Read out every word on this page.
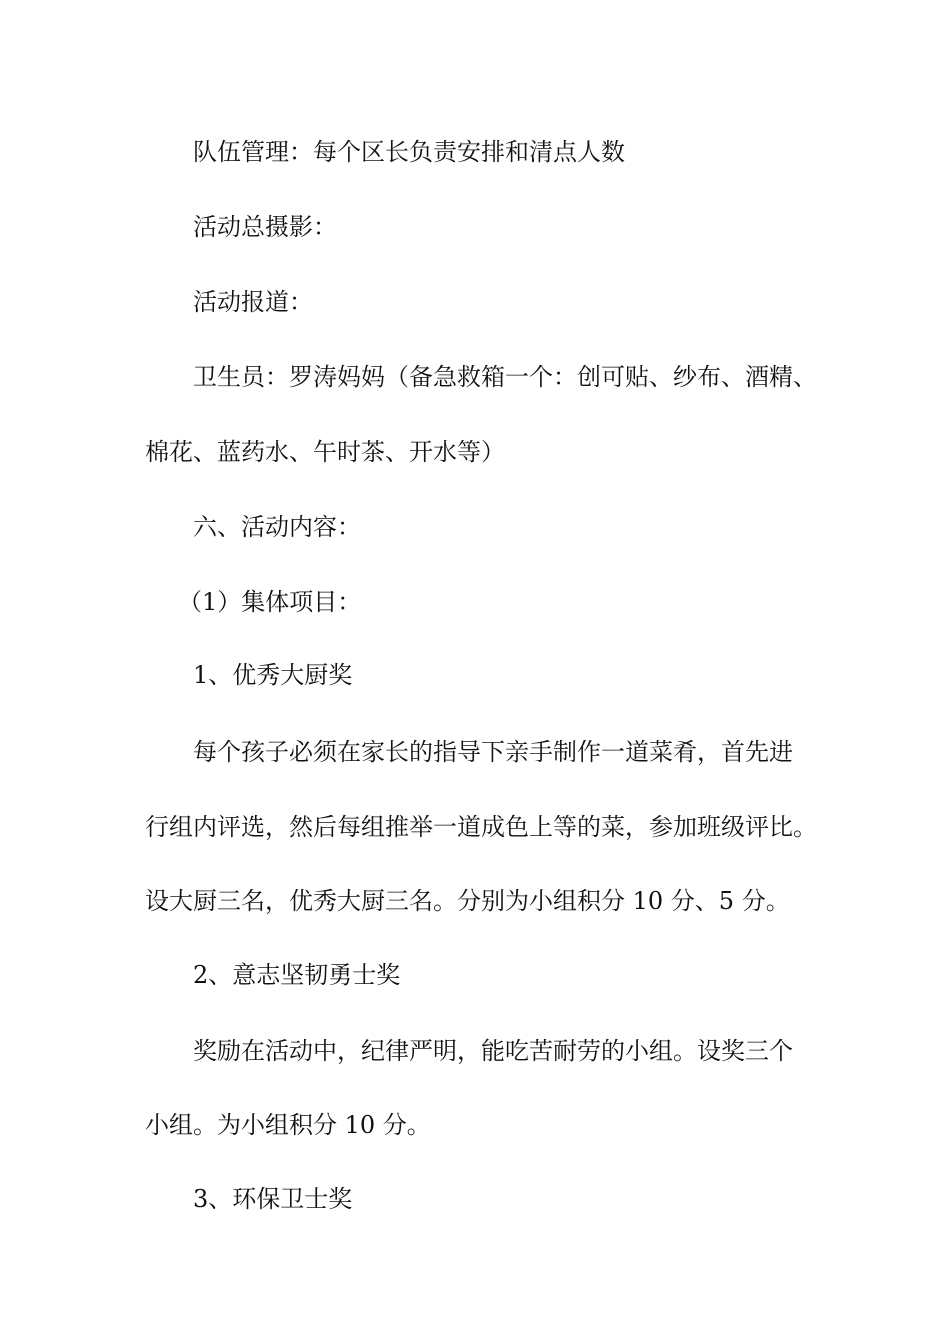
队伍管理：每个区长负责安排和清点人数
活动总摄影：
活动报道：
卫生员：罗涛妈妈（备急救箱一个：创可贴、纱布、酒精、
棉花、蓝药水、午时茶、开水等）
六、活动内容：
（1）集体项目：
1、优秀大厨奖
每个孩子必须在家长的指导下亲手制作一道菜肴，首先进
行组内评选，然后每组推举一道成色上等的菜，参加班级评比。
设大厨三名，优秀大厨三名。分别为小组积分 10 分、5 分。
2、意志坚韧勇士奖
奖励在活动中，纪律严明，能吃苦耐劳的小组。设奖三个
小组。为小组积分 10 分。
3、环保卫士奖
